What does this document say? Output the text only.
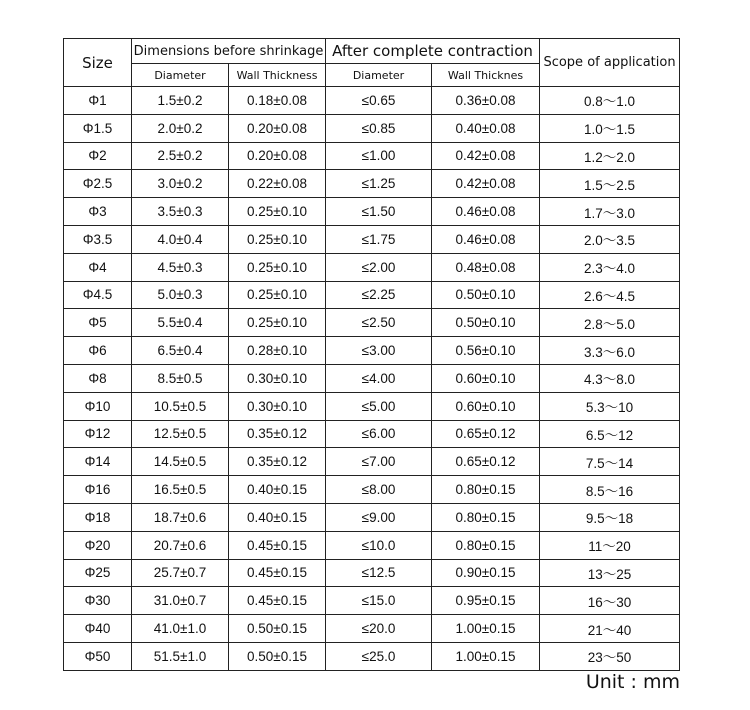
Size	Dimensions before shrinkage		After complete contraction		Scope of application
	Diameter	Wall Thickness	Diameter	Wall Thicknes	
Φ1	1.5±0.2	0.18±0.08	≤0.65	0.36±0.08	0.8～1.0
Φ1.5	2.0±0.2	0.20±0.08	≤0.85	0.40±0.08	1.0～1.5
Φ2	2.5±0.2	0.20±0.08	≤1.00	0.42±0.08	1.2～2.0
Φ2.5	3.0±0.2	0.22±0.08	≤1.25	0.42±0.08	1.5～2.5
Φ3	3.5±0.3	0.25±0.10	≤1.50	0.46±0.08	1.7～3.0
Φ3.5	4.0±0.4	0.25±0.10	≤1.75	0.46±0.08	2.0～3.5
Φ4	4.5±0.3	0.25±0.10	≤2.00	0.48±0.08	2.3～4.0
Φ4.5	5.0±0.3	0.25±0.10	≤2.25	0.50±0.10	2.6～4.5
Φ5	5.5±0.4	0.25±0.10	≤2.50	0.50±0.10	2.8～5.0
Φ6	6.5±0.4	0.28±0.10	≤3.00	0.56±0.10	3.3～6.0
Φ8	8.5±0.5	0.30±0.10	≤4.00	0.60±0.10	4.3～8.0
Φ10	10.5±0.5	0.30±0.10	≤5.00	0.60±0.10	5.3～10
Φ12	12.5±0.5	0.35±0.12	≤6.00	0.65±0.12	6.5～12
Φ14	14.5±0.5	0.35±0.12	≤7.00	0.65±0.12	7.5～14
Φ16	16.5±0.5	0.40±0.15	≤8.00	0.80±0.15	8.5～16
Φ18	18.7±0.6	0.40±0.15	≤9.00	0.80±0.15	9.5～18
Φ20	20.7±0.6	0.45±0.15	≤10.0	0.80±0.15	11～20
Φ25	25.7±0.7	0.45±0.15	≤12.5	0.90±0.15	13～25
Φ30	31.0±0.7	0.45±0.15	≤15.0	0.95±0.15	16～30
Φ40	41.0±1.0	0.50±0.15	≤20.0	1.00±0.15	21～40
Φ50	51.5±1.0	0.50±0.15	≤25.0	1.00±0.15	23～50
Unit : mm
